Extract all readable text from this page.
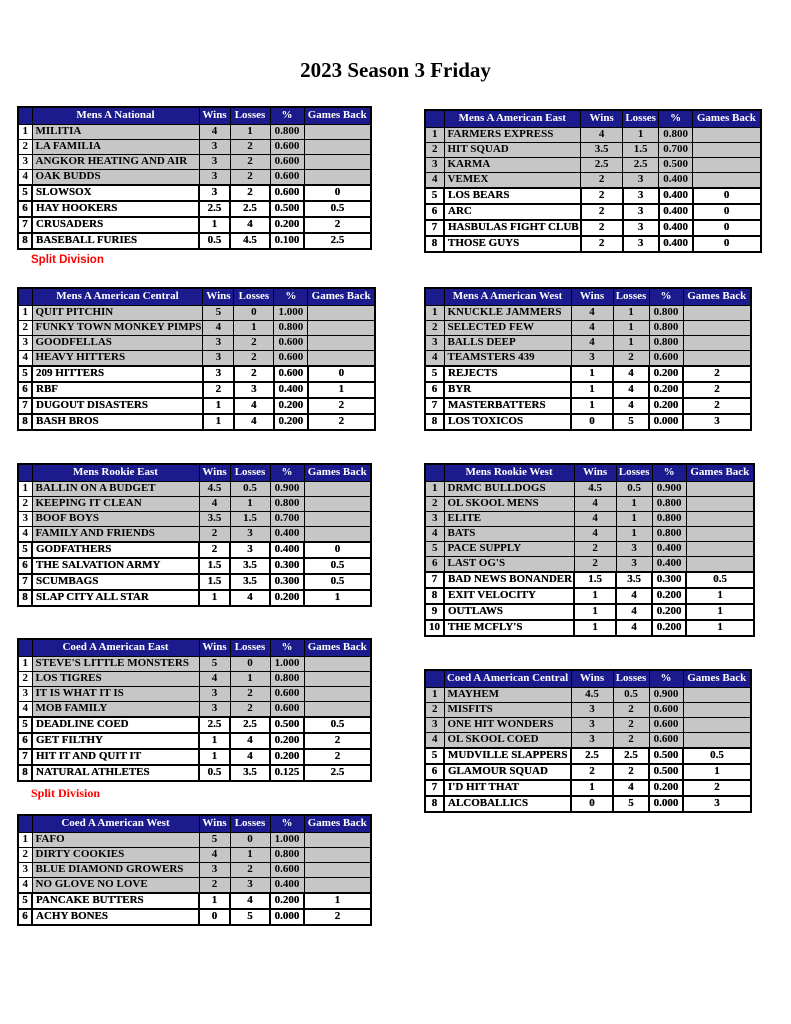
2023 Season 3 Friday
	Mens A National	Wins	Losses	%	Games Back
1	MILITIA	4	1	0.800	
2	LA FAMILIA	3	2	0.600	
3	ANGKOR HEATING AND AIR	3	2	0.600	
4	OAK BUDDS	3	2	0.600	
5	SLOWSOX	3	2	0.600	0
6	HAY HOOKERS	2.5	2.5	0.500	0.5
7	CRUSADERS	1	4	0.200	2
8	BASEBALL FURIES	0.5	4.5	0.100	2.5
Split Division
	Mens A American East	Wins	Losses	%	Games Back
1	FARMERS EXPRESS	4	1	0.800	
2	HIT SQUAD	3.5	1.5	0.700	
3	KARMA	2.5	2.5	0.500	
4	VEMEX	2	3	0.400	
5	LOS BEARS	2	3	0.400	0
6	ARC	2	3	0.400	0
7	HASBULAS FIGHT CLUB	2	3	0.400	0
8	THOSE GUYS	2	3	0.400	0
	Mens A American Central	Wins	Losses	%	Games Back
1	QUIT PITCHIN	5	0	1.000	
2	FUNKY TOWN MONKEY PIMPS	4	1	0.800	
3	GOODFELLAS	3	2	0.600	
4	HEAVY HITTERS	3	2	0.600	
5	209 HITTERS	3	2	0.600	0
6	RBF	2	3	0.400	1
7	DUGOUT DISASTERS	1	4	0.200	2
8	BASH BROS	1	4	0.200	2
	Mens A American West	Wins	Losses	%	Games Back
1	KNUCKLE JAMMERS	4	1	0.800	
2	SELECTED FEW	4	1	0.800	
3	BALLS DEEP	4	1	0.800	
4	TEAMSTERS 439	3	2	0.600	
5	REJECTS	1	4	0.200	2
6	BYR	1	4	0.200	2
7	MASTERBATTERS	1	4	0.200	2
8	LOS TOXICOS	0	5	0.000	3
	Mens Rookie East	Wins	Losses	%	Games Back
1	BALLIN ON A BUDGET	4.5	0.5	0.900	
2	KEEPING IT CLEAN	4	1	0.800	
3	BOOF BOYS	3.5	1.5	0.700	
4	FAMILY AND FRIENDS	2	3	0.400	
5	GODFATHERS	2	3	0.400	0
6	THE SALVATION ARMY	1.5	3.5	0.300	0.5
7	SCUMBAGS	1.5	3.5	0.300	0.5
8	SLAP CITY ALL STAR	1	4	0.200	1
	Mens Rookie West	Wins	Losses	%	Games Back
1	DRMC BULLDOGS	4.5	0.5	0.900	
2	OL SKOOL MENS	4	1	0.800	
3	ELITE	4	1	0.800	
4	BATS	4	1	0.800	
5	PACE SUPPLY	2	3	0.400	
6	LAST OG'S	2	3	0.400	
7	BAD NEWS BONANDER	1.5	3.5	0.300	0.5
8	EXIT VELOCITY	1	4	0.200	1
9	OUTLAWS	1	4	0.200	1
10	THE MCFLY'S	1	4	0.200	1
	Coed A American East	Wins	Losses	%	Games Back
1	STEVE'S LITTLE MONSTERS	5	0	1.000	
2	LOS TIGRES	4	1	0.800	
3	IT IS WHAT IT IS	3	2	0.600	
4	MOB FAMILY	3	2	0.600	
5	DEADLINE COED	2.5	2.5	0.500	0.5
6	GET FILTHY	1	4	0.200	2
7	HIT IT AND QUIT IT	1	4	0.200	2
8	NATURAL ATHLETES	0.5	3.5	0.125	2.5
Split Division
	Coed A American Central	Wins	Losses	%	Games Back
1	MAYHEM	4.5	0.5	0.900	
2	MISFITS	3	2	0.600	
3	ONE HIT WONDERS	3	2	0.600	
4	OL SKOOL COED	3	2	0.600	
5	MUDVILLE SLAPPERS	2.5	2.5	0.500	0.5
6	GLAMOUR SQUAD	2	2	0.500	1
7	I'D HIT THAT	1	4	0.200	2
8	ALCOBALLICS	0	5	0.000	3
	Coed A American West	Wins	Losses	%	Games Back
1	FAFO	5	0	1.000	
2	DIRTY COOKIES	4	1	0.800	
3	BLUE DIAMOND GROWERS	3	2	0.600	
4	NO GLOVE NO LOVE	2	3	0.400	
5	PANCAKE BUTTERS	1	4	0.200	1
6	ACHY BONES	0	5	0.000	2
